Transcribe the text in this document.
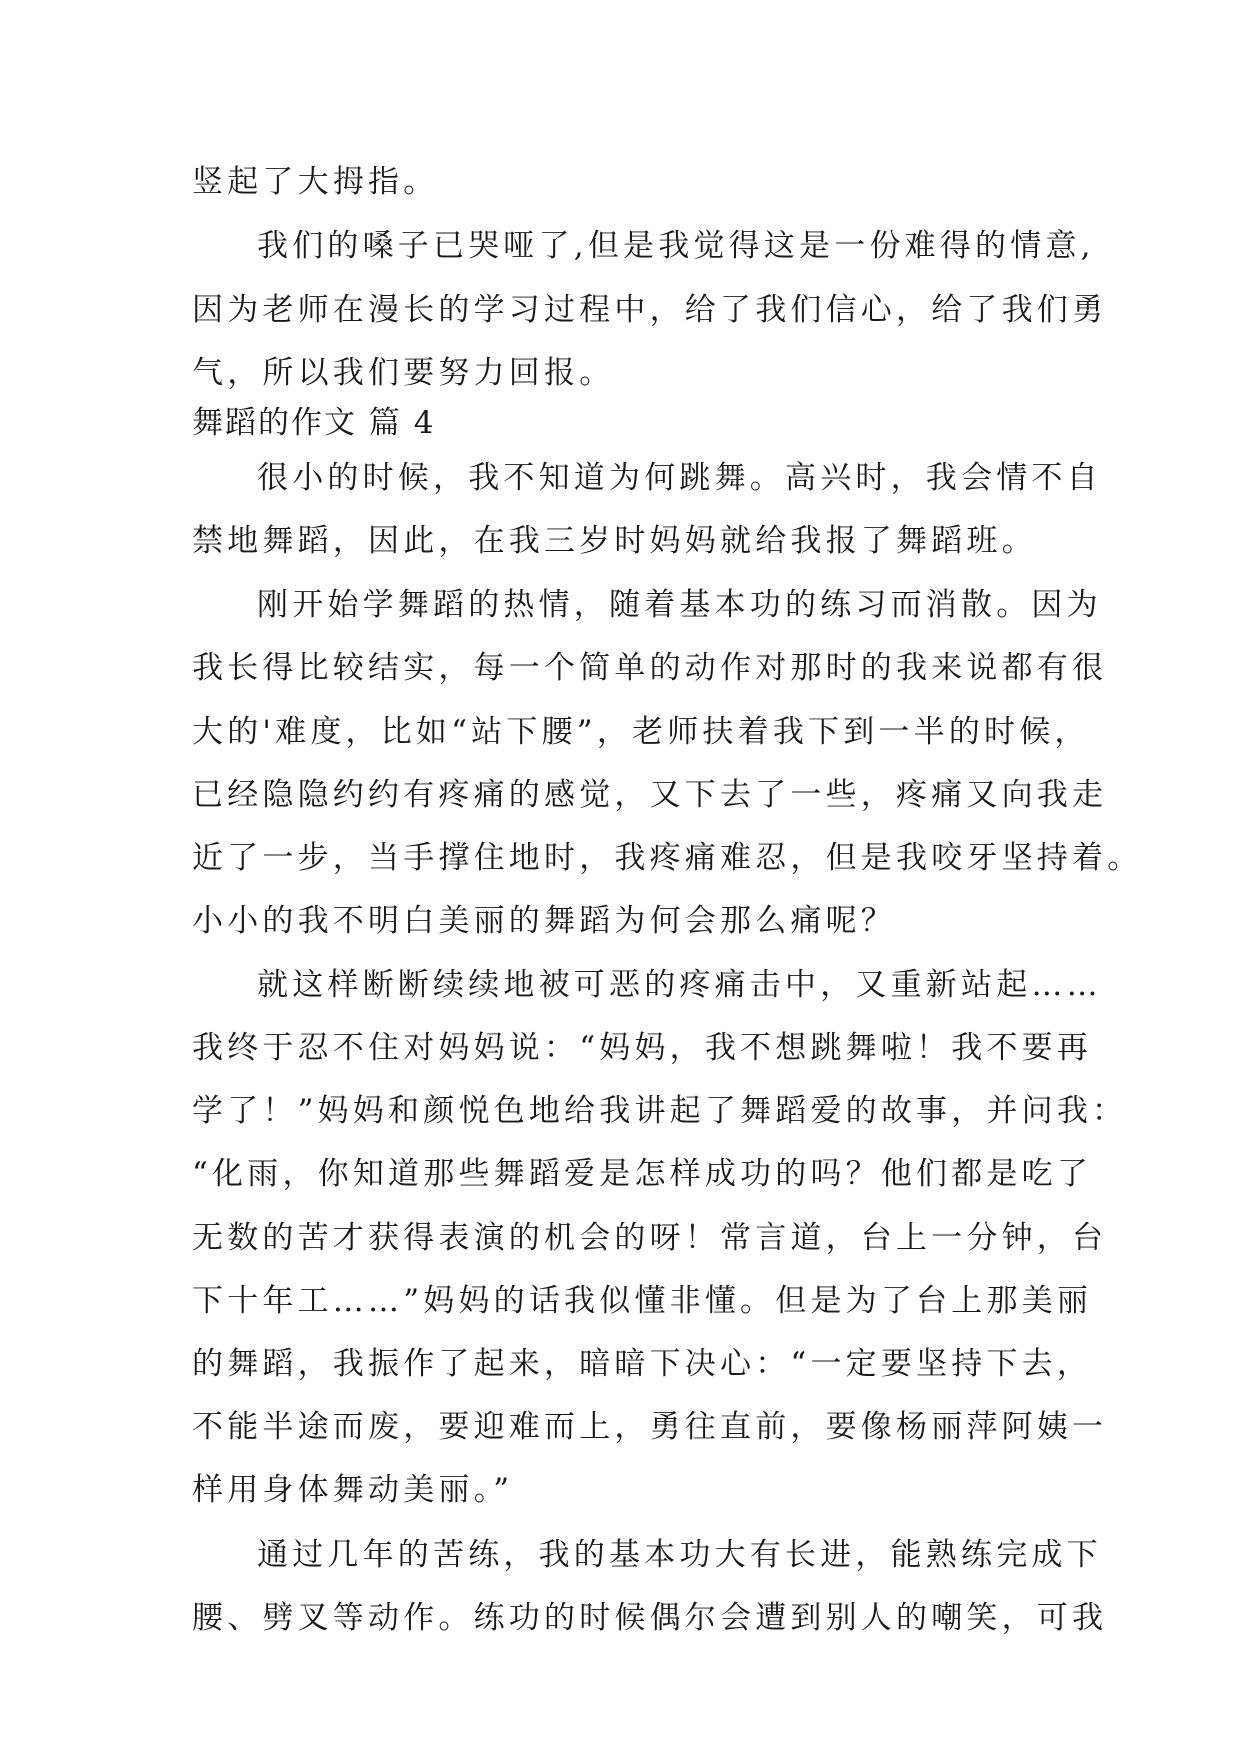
竖起了大拇指。
我们的嗓子已哭哑了,但是我觉得这是一份难得的情意,
因为老师在漫长的学习过程中，给了我们信心，给了我们勇
气，所以我们要努力回报。
舞蹈的作文 篇 4
很小的时候，我不知道为何跳舞。高兴时，我会情不自
禁地舞蹈，因此，在我三岁时妈妈就给我报了舞蹈班。
刚开始学舞蹈的热情，随着基本功的练习而消散。因为
我长得比较结实，每一个简单的动作对那时的我来说都有很
大的'难度，比如“站下腰”，老师扶着我下到一半的时候，
已经隐隐约约有疼痛的感觉，又下去了一些，疼痛又向我走
近了一步，当手撑住地时，我疼痛难忍，但是我咬牙坚持着。
小小的我不明白美丽的舞蹈为何会那么痛呢？
就这样断断续续地被可恶的疼痛击中，又重新站起……
我终于忍不住对妈妈说：“妈妈，我不想跳舞啦！我不要再
学了！”妈妈和颜悦色地给我讲起了舞蹈爱的故事，并问我：
“化雨，你知道那些舞蹈爱是怎样成功的吗？他们都是吃了
无数的苦才获得表演的机会的呀！常言道，台上一分钟，台
下十年工……”妈妈的话我似懂非懂。但是为了台上那美丽
的舞蹈，我振作了起来，暗暗下决心：“一定要坚持下去，
不能半途而废，要迎难而上，勇往直前，要像杨丽萍阿姨一
样用身体舞动美丽。”
通过几年的苦练，我的基本功大有长进，能熟练完成下
腰、劈叉等动作。练功的时候偶尔会遭到别人的嘲笑，可我
